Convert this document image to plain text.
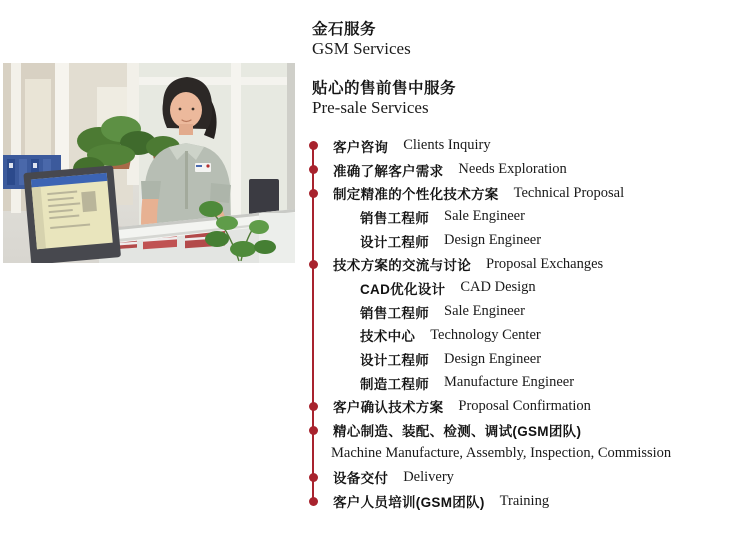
金石服务
GSM Services
贴心的售前售中服务
Pre-sale Services
客户咨询 Clients Inquiry
准确了解客户需求 Needs Exploration
制定精准的个性化技术方案 Technical Proposal
销售工程师 Sale Engineer
设计工程师 Design Engineer
技术方案的交流与讨论 Proposal Exchanges
CAD优化设计 CAD Design
销售工程师 Sale Engineer
技术中心 Technology Center
设计工程师 Design Engineer
制造工程师 Manufacture Engineer
客户确认技术方案 Proposal Confirmation
精心制造、装配、检测、调试(GSM团队)
Machine Manufacture, Assembly, Inspection, Commission
设备交付 Delivery
客户人员培训(GSM团队) Training
